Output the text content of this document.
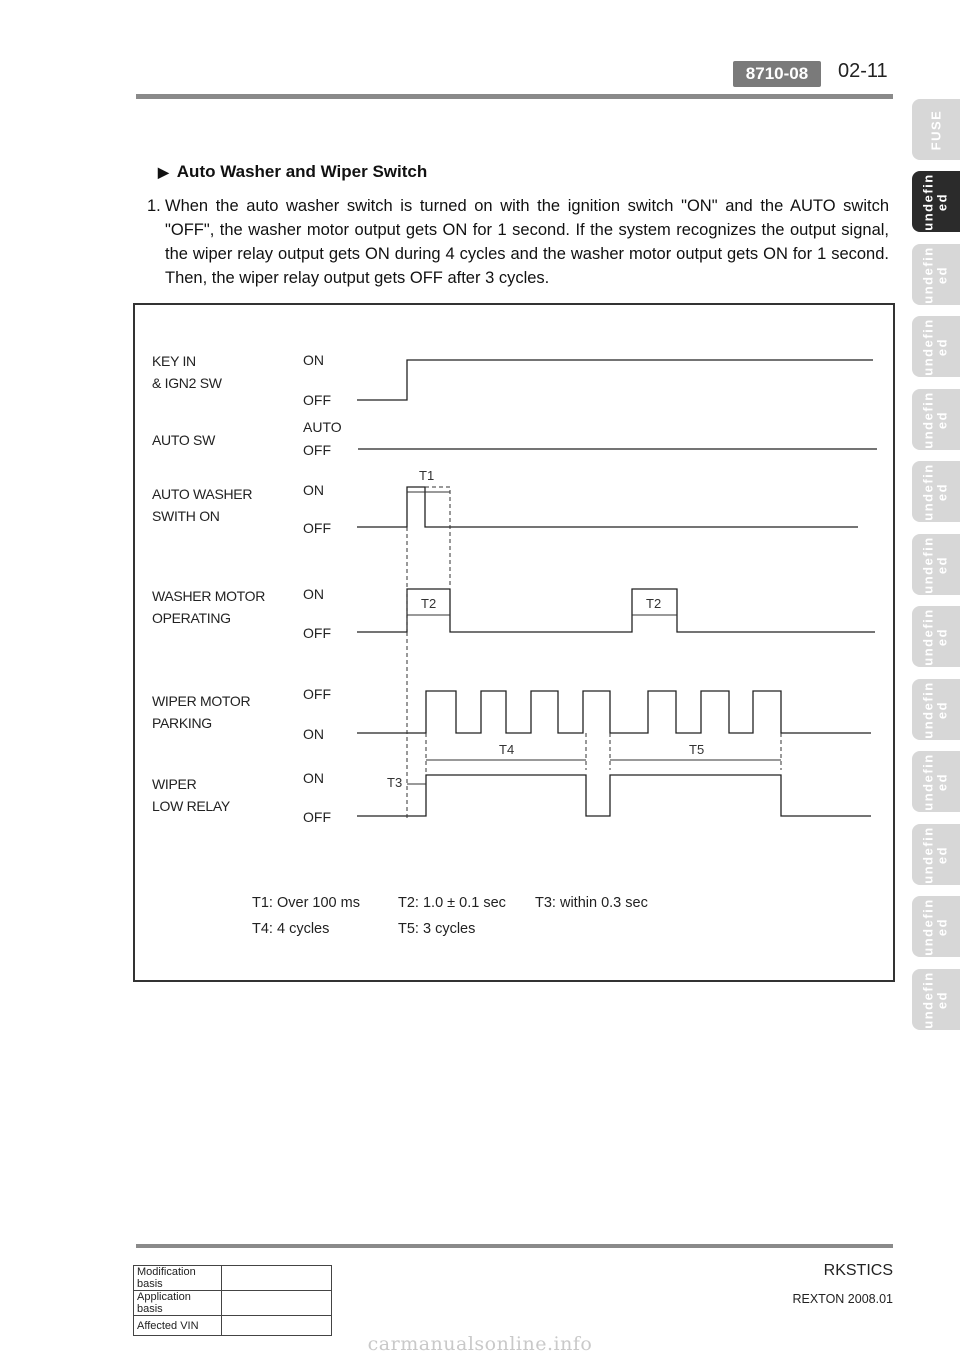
8710-08	02-11
FUSE
undefin
ed
undefin
ed
undefin
ed
undefin
ed
undefin
ed
undefin
ed
undefin
ed
undefin
ed
undefin
ed
undefin
ed
undefin
ed
undefin
ed
▶ Auto Washer and Wiper Switch
1. When the auto washer switch is turned on with the ignition switch "ON" and the AUTO switch "OFF", the washer motor output gets ON for 1 second. If the system recognizes the output signal, the wiper relay output gets ON during 4 cycles and the washer motor output gets ON for 1 second. Then, the wiper relay output gets OFF after 3 cycles.
T1
T2	T2
T3
T4	T5
KEY IN
& IGN2 SW
AUTO SW
AUTO WASHER
SWITH ON
WASHER MOTOR
OPERATING
WIPER MOTOR
PARKING
WIPER
LOW RELAY
ON
OFF
AUTO
OFF
ON
OFF
ON
OFF
OFF
ON
ON
OFF
T1: Over 100 ms	T2: 1.0 ± 0.1 sec T3: within 0.3 sec
T4: 4 cycles	T5: 3 cycles
RKSTICS
REXTON 2008.01
Modification basis	
Application basis	
Affected VIN	
carmanualsonline.info
